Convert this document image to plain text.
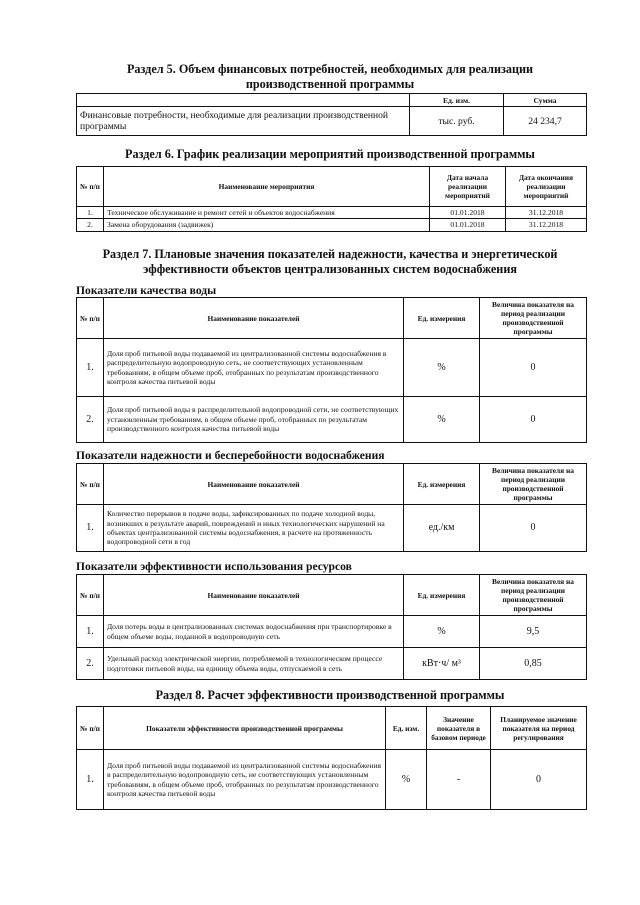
Раздел 5. Объем финансовых потребностей, необходимых для реализации
производственной программы
	Ед. изм.	Сумма
Финансовые потребности, необходимые для реализации производственной программы	тыс. руб.	24 234,7
Раздел 6. График реализации мероприятий производственной программы
№ п/п	Наименование мероприятия	Дата начала реализации мероприятий	Дата окончания реализации мероприятий
1.	Техническое обслуживание и ремонт сетей и объектов водоснабжения	01.01.2018	31.12.2018
2.	Замена оборудования (задвижек)	01.01.2018	31.12.2018
Раздел 7. Плановые значения показателей надежности, качества и энергетической
эффективности объектов централизованных систем водоснабжения
Показатели качества воды
№ п/п	Наименование показателей	Ед. измерения	Величина показателя на период реализации производственной программы
1.	Доля проб питьевой воды подаваемой из централизованной системы водоснабжения в распределительную водопроводную сеть, не соответствующих установленным требованиям, в общем объеме проб, отобранных по результатам производственного контроля качества питьевой воды	%	0
2.	Доля проб питьевой воды в распределительной водопроводной сети, не соответствующих установленным требованиям, в общем объеме проб, отобранных по результатам производственного контроля качества питьевой воды	%	0
Показатели надежности и бесперебойности водоснабжения
№ п/п	Наименование показателей	Ед. измерения	Величина показателя на период реализации производственной программы
1.	Количество перерывов в подаче воды, зафиксированных по подаче холодной воды, возникших в результате аварий, повреждений и иных технологических нарушений на объектах централизованной системы водоснабжения, в расчете на протяженность водопроводной сети в год	ед./км	0
Показатели эффективности использования ресурсов
№ п/п	Наименование показателей	Ед. измерения	Величина показателя на период реализации производственной программы
1.	Доля потерь воды в централизованных системах водоснабжения при транспортировке в общем объеме воды, поданной в водопроводную сеть	%	9,5
2.	Удельный расход электрической энергии, потребляемой в технологическом процессе подготовки питьевой воды, на единицу объема воды, отпускаемой в сеть	кВт·ч/ м³	0,85
Раздел 8. Расчет эффективности производственной программы
№ п/п	Показатели эффективности производственной программы	Ед. изм.	Значение показателя в базовом периоде	Планируемое значение показателя на период регулирования
1.	Доля проб питьевой воды подаваемой из централизованной системы водоснабжения в распределительную водопроводную сеть, не соответствующих установленным требованиям, в общем объеме проб, отобранных по результатам производственного контроля качества питьевой воды	%	-	0
